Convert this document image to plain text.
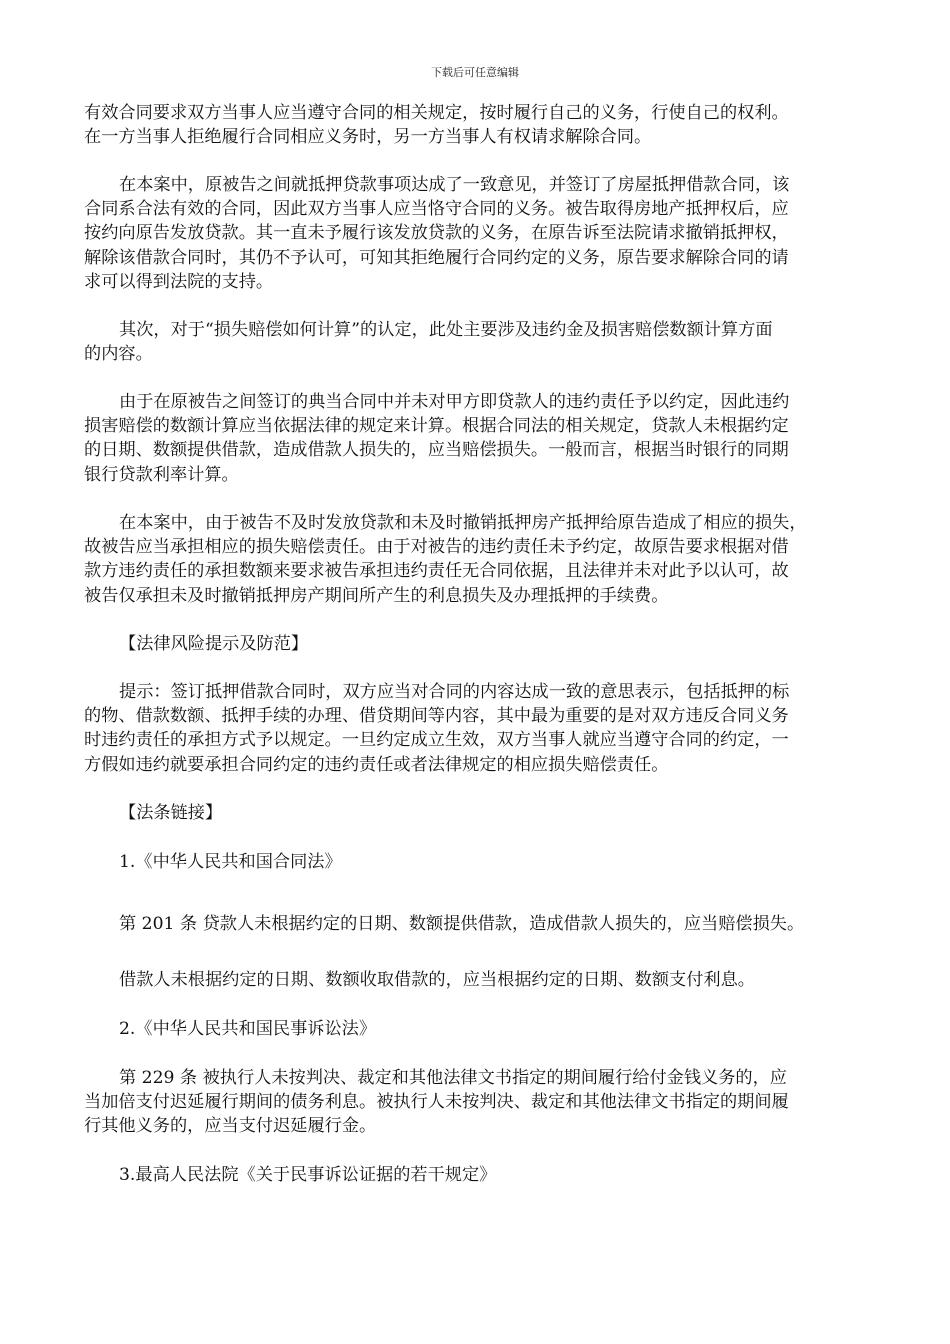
下载后可任意编辑
有效合同要求双方当事人应当遵守合同的相关规定，按时履行自己的义务，行使自己的权利。
在一方当事人拒绝履行合同相应义务时，另一方当事人有权请求解除合同。
在本案中，原被告之间就抵押贷款事项达成了一致意见，并签订了房屋抵押借款合同，该
合同系合法有效的合同，因此双方当事人应当恪守合同的义务。被告取得房地产抵押权后，应
按约向原告发放贷款。其一直未予履行该发放贷款的义务，在原告诉至法院请求撤销抵押权，
解除该借款合同时，其仍不予认可，可知其拒绝履行合同约定的义务，原告要求解除合同的请
求可以得到法院的支持。
其次，对于“损失赔偿如何计算”的认定，此处主要涉及违约金及损害赔偿数额计算方面
的内容。
由于在原被告之间签订的典当合同中并未对甲方即贷款人的违约责任予以约定，因此违约
损害赔偿的数额计算应当依据法律的规定来计算。根据合同法的相关规定，贷款人未根据约定
的日期、数额提供借款，造成借款人损失的，应当赔偿损失。一般而言，根据当时银行的同期
银行贷款利率计算。
在本案中，由于被告不及时发放贷款和未及时撤销抵押房产抵押给原告造成了相应的损失，
故被告应当承担相应的损失赔偿责任。由于对被告的违约责任未予约定，故原告要求根据对借
款方违约责任的承担数额来要求被告承担违约责任无合同依据，且法律并未对此予以认可，故
被告仅承担未及时撤销抵押房产期间所产生的利息损失及办理抵押的手续费。
【法律风险提示及防范】
提示：签订抵押借款合同时，双方应当对合同的内容达成一致的意思表示，包括抵押的标
的物、借款数额、抵押手续的办理、借贷期间等内容，其中最为重要的是对双方违反合同义务
时违约责任的承担方式予以规定。一旦约定成立生效，双方当事人就应当遵守合同的约定，一
方假如违约就要承担合同约定的违约责任或者法律规定的相应损失赔偿责任。
【法条链接】
1.《中华人民共和国合同法》
第 201 条 贷款人未根据约定的日期、数额提供借款，造成借款人损失的，应当赔偿损失。
借款人未根据约定的日期、数额收取借款的，应当根据约定的日期、数额支付利息。
2.《中华人民共和国民事诉讼法》
第 229 条 被执行人未按判决、裁定和其他法律文书指定的期间履行给付金钱义务的，应
当加倍支付迟延履行期间的债务利息。被执行人未按判决、裁定和其他法律文书指定的期间履
行其他义务的，应当支付迟延履行金。
3.最高人民法院《关于民事诉讼证据的若干规定》
